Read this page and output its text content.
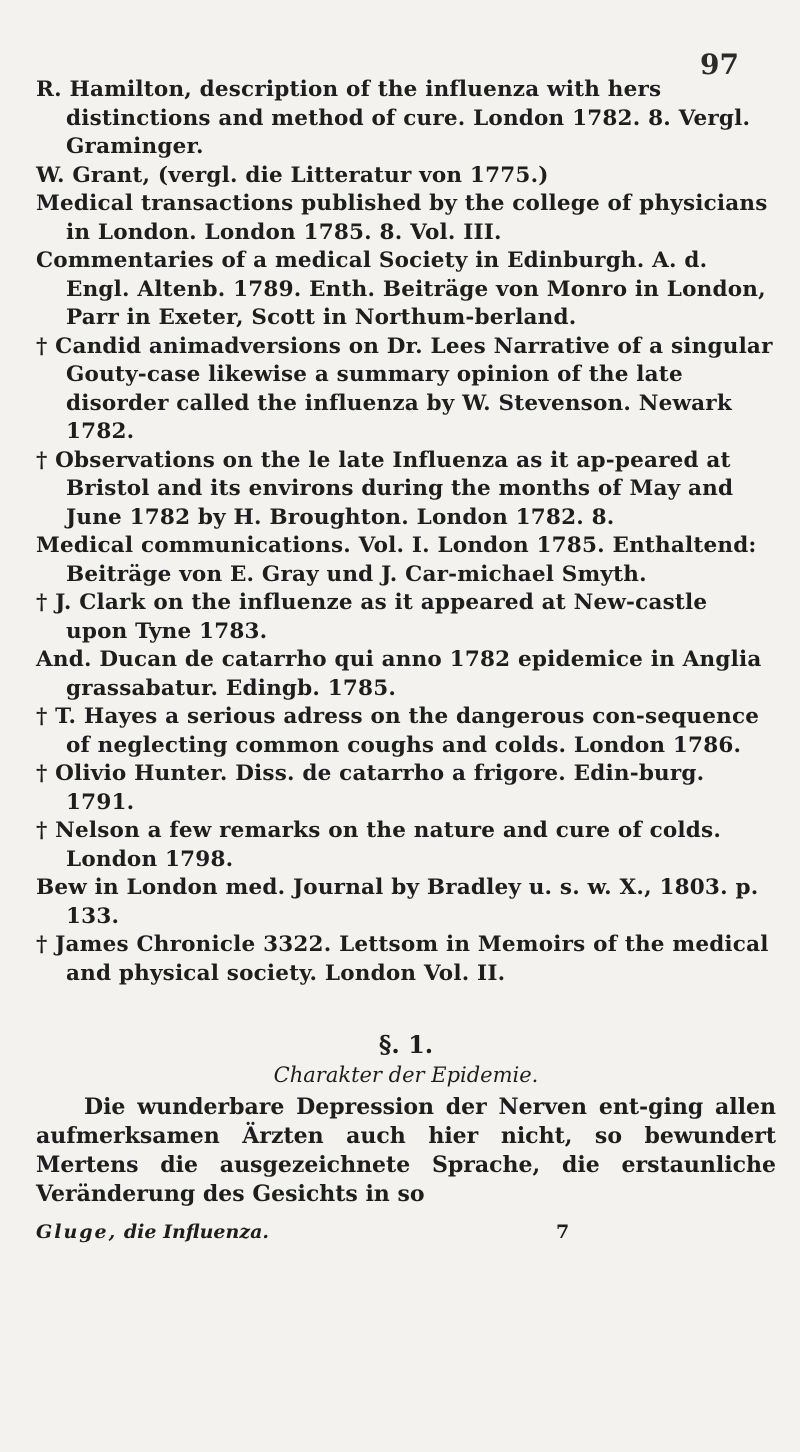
97

R. Hamilton, description of the influenza with hers distinctions and method of cure. London 1782. 8. Vergl. Graminger.

W. Grant, (vergl. die Litteratur von 1775.)

Medical transactions published by the college of physicians in London. London 1785. 8. Vol. III.

Commentaries of a medical Society in Edinburgh. A. d. Engl. Altenb. 1789. Enth. Beiträge von Monro in London, Parr in Exeter, Scott in Northum-berland.

† Candid animadversions on Dr. Lees Narrative of a singular Gouty-case likewise a summary opinion of the late disorder called the influenza by W. Stevenson. Newark 1782.

† Observations on the le late Influenza as it ap-peared at Bristol and its environs during the months of May and June 1782 by H. Broughton. London 1782. 8.

Medical communications. Vol. I. London 1785. Enthaltend: Beiträge von E. Gray und J. Car-michael Smyth.

† J. Clark on the influenze as it appeared at New-castle upon Tyne 1783.

And. Ducan de catarrho qui anno 1782 epidemice in Anglia grassabatur. Edingb. 1785.

† T. Hayes a serious adress on the dangerous con-sequence of neglecting common coughs and colds. London 1786.

† Olivio Hunter. Diss. de catarrho a frigore. Edin-burg. 1791.

† Nelson a few remarks on the nature and cure of colds. London 1798.

Bew in London med. Journal by Bradley u. s. w. X., 1803. p. 133.

† James Chronicle 3322. Lettsom in Memoirs of the medical and physical society. London Vol. II.

§. 1.

Charakter der Epidemie.

Die wunderbare Depression der Nerven ent-ging allen aufmerksamen Ärzten auch hier nicht, so bewundert Mertens die ausgezeichnete Sprache, die erstaunliche Veränderung des Gesichts in so

Gluge, die Influenza.	7
